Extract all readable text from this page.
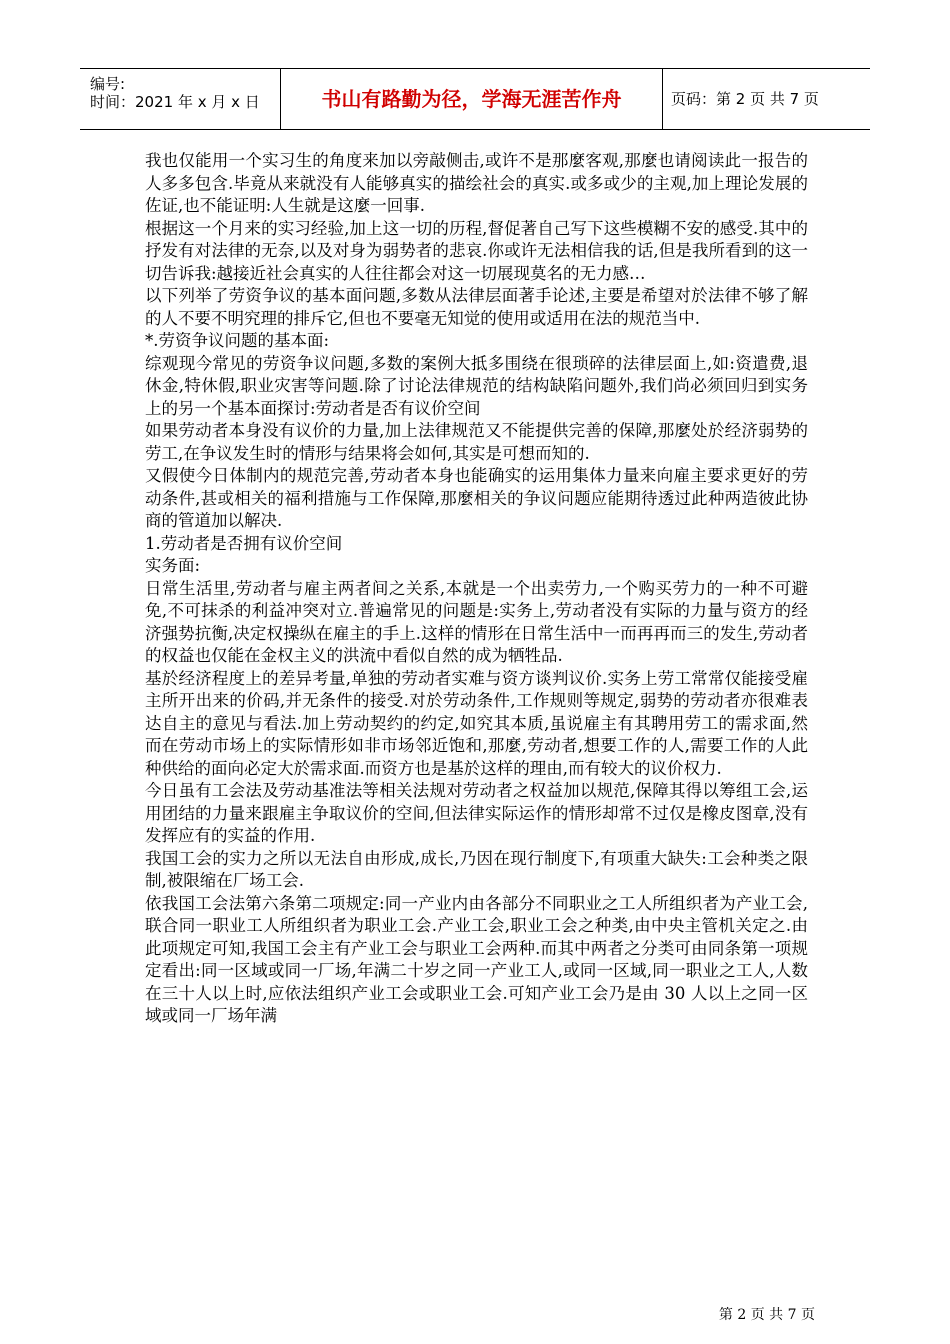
编号:
时间：2021 年 x 月 x 日	书山有路勤为径，学海无涯苦作舟	页码：第 2 页 共 7 页

我也仅能用一个实习生的角度来加以旁敲侧击,或许不是那麼客观,那麼也请阅读此一报告的人多多包含.毕竟从来就没有人能够真实的描绘社会的真实.或多或少的主观,加上理论发展的佐证,也不能证明:人生就是这麼一回事.

根据这一个月来的实习经验,加上这一切的历程,督促著自己写下这些模糊不安的感受.其中的抒发有对法律的无奈,以及对身为弱势者的悲哀.你或许无法相信我的话,但是我所看到的这一切告诉我:越接近社会真实的人往往都会对这一切展现莫名的无力感…

以下列举了劳资争议的基本面问题,多数从法律层面著手论述,主要是希望对於法律不够了解的人不要不明究理的排斥它,但也不要毫无知觉的使用或适用在法的规范当中.

*.劳资争议问题的基本面:

综观现今常见的劳资争议问题,多数的案例大抵多围绕在很琐碎的法律层面上,如:资遣费,退休金,特休假,职业灾害等问题.除了讨论法律规范的结构缺陷问题外,我们尚必须回归到实务上的另一个基本面探讨:劳动者是否有议价空间

如果劳动者本身没有议价的力量,加上法律规范又不能提供完善的保障,那麼处於经济弱势的劳工,在争议发生时的情形与结果将会如何,其实是可想而知的.

又假使今日体制内的规范完善,劳动者本身也能确实的运用集体力量来向雇主要求更好的劳动条件,甚或相关的福利措施与工作保障,那麼相关的争议问题应能期待透过此种两造彼此协商的管道加以解决.

1.劳动者是否拥有议价空间

实务面:

日常生活里,劳动者与雇主两者间之关系,本就是一个出卖劳力,一个购买劳力的一种不可避免,不可抹杀的利益冲突对立.普遍常见的问题是:实务上,劳动者没有实际的力量与资方的经济强势抗衡,决定权操纵在雇主的手上.这样的情形在日常生活中一而再再而三的发生,劳动者的权益也仅能在金权主义的洪流中看似自然的成为牺牲品.

基於经济程度上的差异考量,单独的劳动者实难与资方谈判议价.实务上劳工常常仅能接受雇主所开出来的价码,并无条件的接受.对於劳动条件,工作规则等规定,弱势的劳动者亦很难表达自主的意见与看法.加上劳动契约的约定,如究其本质,虽说雇主有其聘用劳工的需求面,然而在劳动市场上的实际情形如非市场邻近饱和,那麼,劳动者,想要工作的人,需要工作的人此种供给的面向必定大於需求面.而资方也是基於这样的理由,而有较大的议价权力.

今日虽有工会法及劳动基准法等相关法规对劳动者之权益加以规范,保障其得以筹组工会,运用团结的力量来跟雇主争取议价的空间,但法律实际运作的情形却常不过仅是橡皮图章,没有发挥应有的实益的作用.

我国工会的实力之所以无法自由形成,成长,乃因在现行制度下,有项重大缺失:工会种类之限制,被限缩在厂场工会.

依我国工会法第六条第二项规定:同一产业内由各部分不同职业之工人所组织者为产业工会,联合同一职业工人所组织者为职业工会.产业工会,职业工会之种类,由中央主管机关定之.由此项规定可知,我国工会主有产业工会与职业工会两种.而其中两者之分类可由同条第一项规定看出:同一区域或同一厂场,年满二十岁之同一产业工人,或同一区域,同一职业之工人,人数在三十人以上时,应依法组织产业工会或职业工会.可知产业工会乃是由 30 人以上之同一区域或同一厂场年满

第 2 页 共 7 页
